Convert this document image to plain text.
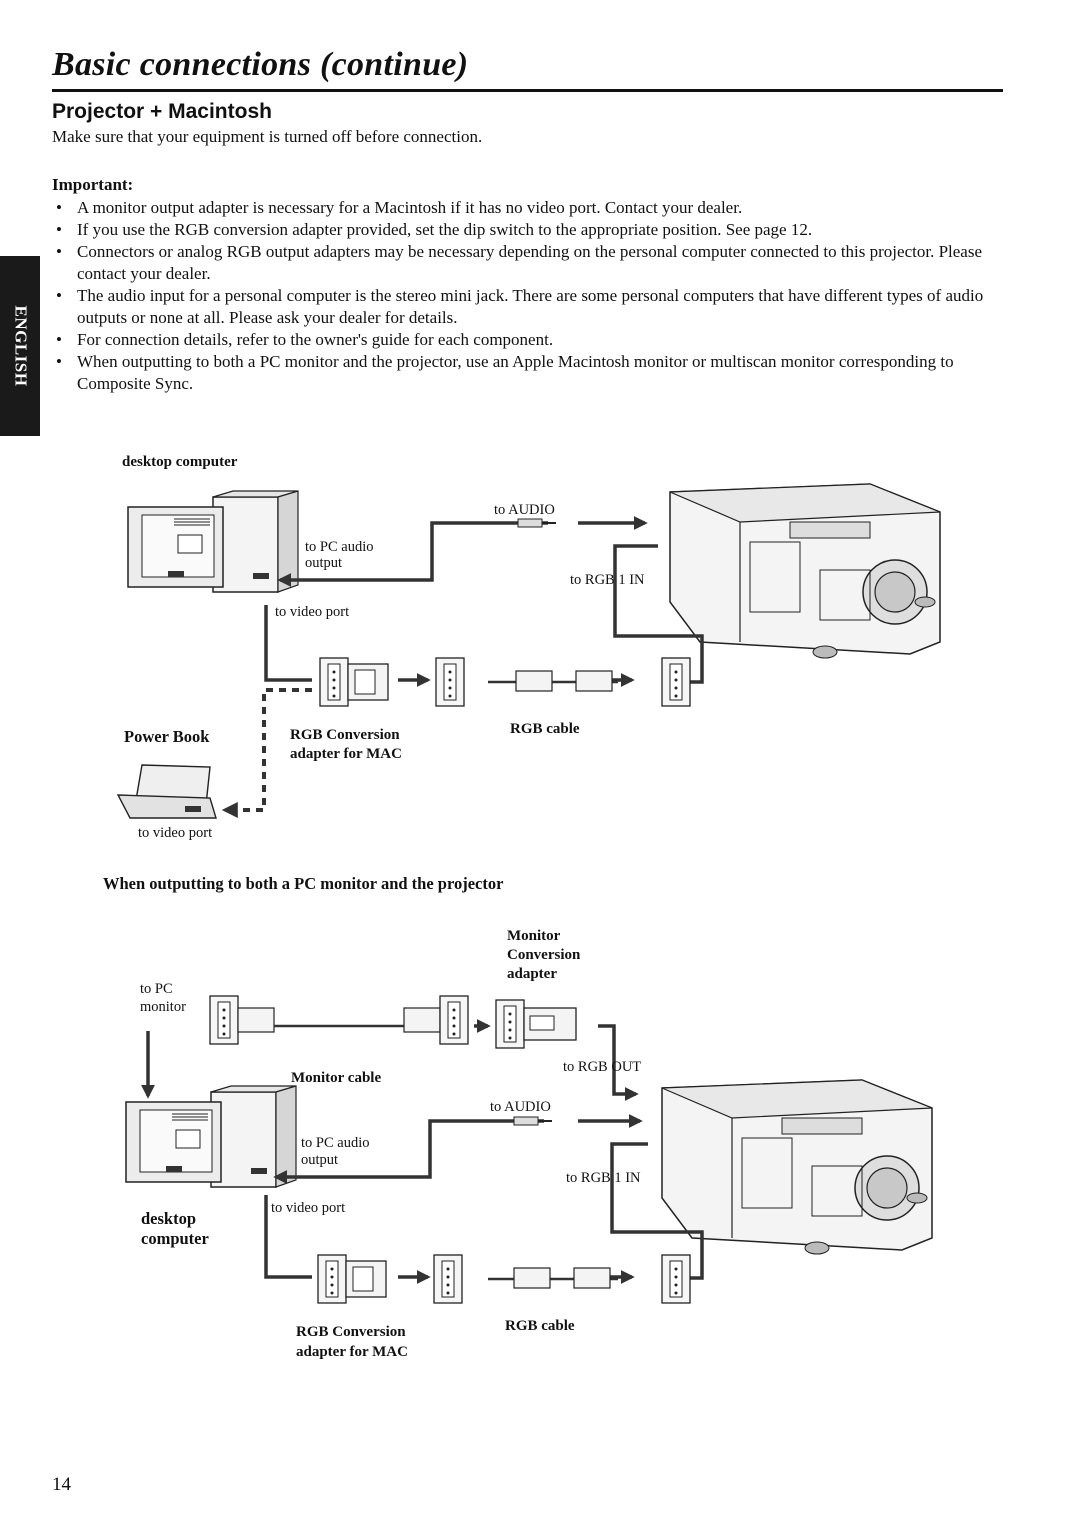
Basic connections (continue)
Projector + Macintosh
Make sure that your equipment is turned off before connection.
Important:
• A monitor output adapter is necessary for a Macintosh if it has no video port. Contact your dealer.
• If you use the RGB conversion adapter provided, set the dip switch to the appropriate position. See page 12.
• Connectors or analog RGB output adapters may be necessary depending on the personal computer connected to this projector. Please contact your dealer.
• The audio input for a personal computer is the stereo mini jack. There are some personal computers that have different types of audio outputs or none at all. Please ask your dealer for details.
• For connection details, refer to the owner's guide for each component.
• When outputting to both a PC monitor and the projector, use an Apple Macintosh monitor or multiscan monitor corresponding to Composite Sync.
ENGLISH
desktop computer
to AUDIO
to PC audio
output
to RGB 1 IN
to video port
Power Book	RGB Conversion
adapter for MAC
RGB cable
to video port
When outputting to both a PC monitor and the projector
Monitor
Conversion
adapter
to PC
monitor
Monitor cable
to RGB OUT
to AUDIO
to PC audio
output
to RGB 1 IN
to video port
desktop
computer
RGB Conversion
adapter for MAC
RGB cable
14
